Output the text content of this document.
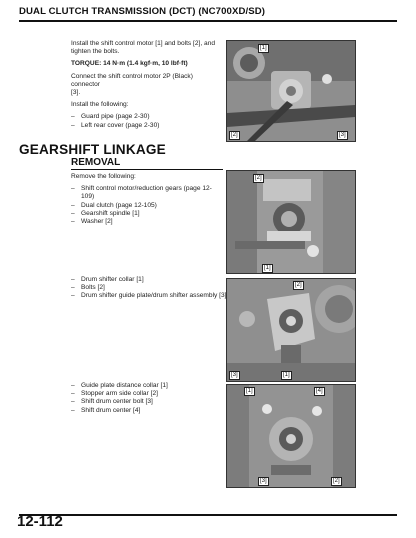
DUAL CLUTCH TRANSMISSION (DCT) (NC700XD/SD)
Install the shift control motor [1] and bolts [2], and
tighten the bolts.
TORQUE: 14 N·m (1.4 kgf·m, 10 lbf·ft)
Connect the shift control motor 2P (Black) connector
[3].
Install the following:
– Guard pipe (page 2-30)
– Left rear cover (page 2-30)
[1]
[2]	[3]
GEARSHIFT LINKAGE
REMOVAL
Remove the following:
– Shift control motor/reduction gears (page 12-109)
– Dual clutch (page 12-105)
– Gearshift spindle [1]
– Washer [2]
[2]
[1]
– Drum shifter collar [1]
– Bolts [2]
– Drum shifter guide plate/drum shifter assembly [3]
[2]
[3]	[1]
– Guide plate distance collar [1]
– Stopper arm side collar [2]
– Shift drum center bolt [3]
– Shift drum center [4]
[1]	[4]
[3]	[2]
12-112
